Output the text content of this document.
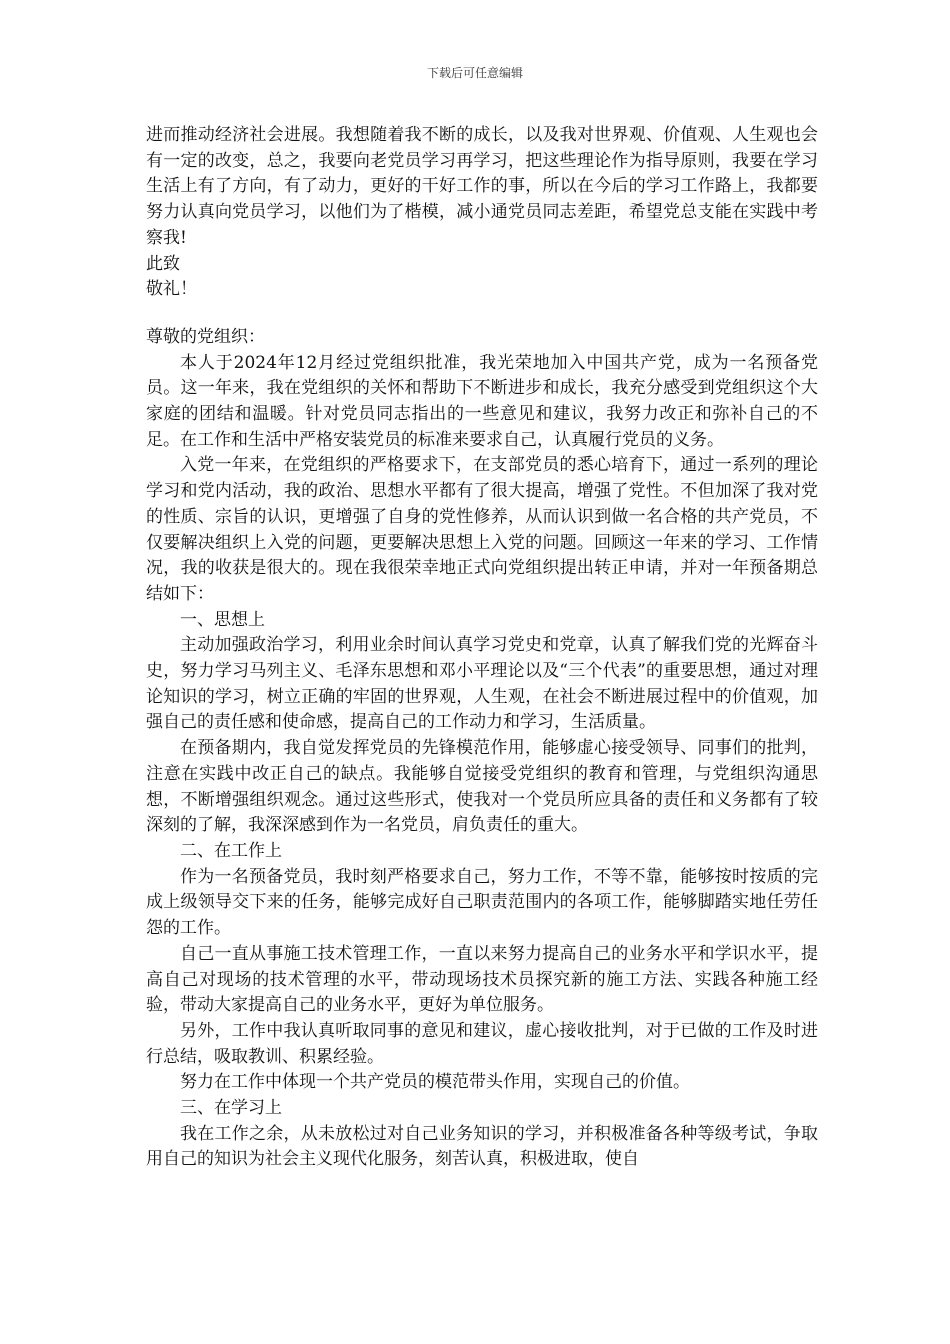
下载后可任意编辑

进而推动经济社会进展。我想随着我不断的成长，以及我对世界观、价值观、人生观也会有一定的改变，总之，我要向老党员学习再学习，把这些理论作为指导原则，我要在学习生活上有了方向，有了动力，更好的干好工作的事，所以在今后的学习工作路上，我都要努力认真向党员学习，以他们为了楷模，减小通党员同志差距，希望党总支能在实践中考察我!

此致

敬礼！

尊敬的党组织：

本人于2024年12月经过党组织批准，我光荣地加入中国共产党，成为一名预备党员。这一年来，我在党组织的关怀和帮助下不断进步和成长，我充分感受到党组织这个大家庭的团结和温暖。针对党员同志指出的一些意见和建议，我努力改正和弥补自己的不足。在工作和生活中严格安装党员的标准来要求自己，认真履行党员的义务。

入党一年来，在党组织的严格要求下，在支部党员的悉心培育下，通过一系列的理论学习和党内活动，我的政治、思想水平都有了很大提高，增强了党性。不但加深了我对党的性质、宗旨的认识，更增强了自身的党性修养，从而认识到做一名合格的共产党员，不仅要解决组织上入党的问题，更要解决思想上入党的问题。回顾这一年来的学习、工作情况，我的收获是很大的。现在我很荣幸地正式向党组织提出转正申请，并对一年预备期总结如下：

一、思想上

主动加强政治学习，利用业余时间认真学习党史和党章，认真了解我们党的光辉奋斗史，努力学习马列主义、毛泽东思想和邓小平理论以及“三个代表”的重要思想，通过对理论知识的学习，树立正确的牢固的世界观，人生观，在社会不断进展过程中的价值观，加强自己的责任感和使命感，提高自己的工作动力和学习，生活质量。

在预备期内，我自觉发挥党员的先锋模范作用，能够虚心接受领导、同事们的批判，注意在实践中改正自己的缺点。我能够自觉接受党组织的教育和管理，与党组织沟通思想，不断增强组织观念。通过这些形式，使我对一个党员所应具备的责任和义务都有了较深刻的了解，我深深感到作为一名党员，肩负责任的重大。

二、在工作上

作为一名预备党员，我时刻严格要求自己，努力工作，不等不靠，能够按时按质的完成上级领导交下来的任务，能够完成好自己职责范围内的各项工作，能够脚踏实地任劳任怨的工作。

自己一直从事施工技术管理工作，一直以来努力提高自己的业务水平和学识水平，提高自己对现场的技术管理的水平，带动现场技术员探究新的施工方法、实践各种施工经验，带动大家提高自己的业务水平，更好为单位服务。

另外，工作中我认真听取同事的意见和建议，虚心接收批判，对于已做的工作及时进行总结，吸取教训、积累经验。

努力在工作中体现一个共产党员的模范带头作用，实现自己的价值。

三、在学习上

我在工作之余，从未放松过对自己业务知识的学习，并积极准备各种等级考试，争取用自己的知识为社会主义现代化服务，刻苦认真，积极进取，使自
